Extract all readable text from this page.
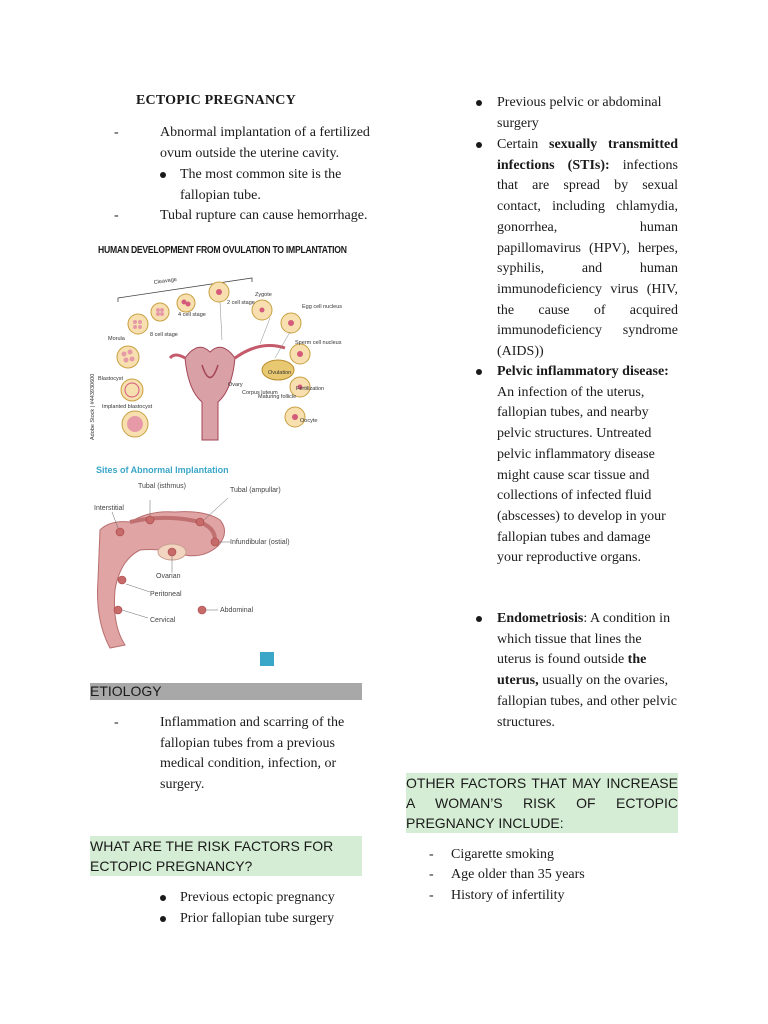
ECTOPIC PREGNANCY
-	Abnormal implantation of a fertilized ovum outside the uterine cavity.
The most common site is the fallopian tube.
-	Tubal rupture can cause hemorrhage.
HUMAN DEVELOPMENT FROM OVULATION TO IMPLANTATION
Cleavage
Zygote
Egg cell nucleus
2 cell stage
4 cell stage
8 cell stage
Morula
Blastocyst
Implanted blastocyst
Ovary
Corpus luteum
Maturing follicle
Ovulation
Fertilization
Oocyte
Sperm cell nucleus
Adobe Stock | #443930600
Sites of Abnormal Implantation
Tubal (isthmus)
Tubal (ampullar)
Interstitial
Infundibular (ostial)
Ovarian
Peritoneal
Cervical
Abdominal
ETIOLOGY
-	Inflammation and scarring of the fallopian tubes from a previous medical condition, infection, or surgery.
WHAT ARE THE RISK FACTORS FOR ECTOPIC PREGNANCY?
Previous ectopic pregnancy
Prior fallopian tube surgery
Previous pelvic or abdominal surgery
Certain sexually transmitted infections (STIs): infections that are spread by sexual contact, including chlamydia, gonorrhea, human papillomavirus (HPV), herpes, syphilis, and human immunodeficiency virus (HIV, the cause of acquired immunodeficiency syndrome (AIDS))
Pelvic inflammatory disease: An infection of the uterus, fallopian tubes, and nearby pelvic structures. Untreated pelvic inflammatory disease might cause scar tissue and collections of infected fluid (abscesses) to develop in your fallopian tubes and damage your reproductive organs.
Endometriosis: A condition in which tissue that lines the uterus is found outside the uterus, usually on the ovaries, fallopian tubes, and other pelvic structures.
OTHER FACTORS THAT MAY INCREASE A WOMAN’S RISK OF ECTOPIC PREGNANCY INCLUDE:
- Cigarette smoking
- Age older than 35 years
- History of infertility
